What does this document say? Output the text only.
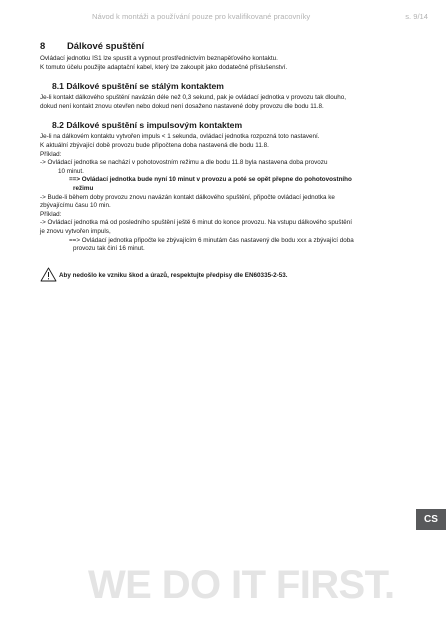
Návod k montáži a používání pouze pro kvalifikované pracovníky	s. 9/14
8 Dálkové spuštění

Ovládací jednotku IS1 lze spustit a vypnout prostřednictvím beznapěťového kontaktu.

K tomuto účelu použijte adaptační kabel, který lze zakoupit jako dodatečné příslušenství.

8.1 Dálkové spuštění se stálým kontaktem

Je-li kontakt dálkového spuštění navázán déle než 0,3 sekund, pak je ovládací jednotka v provozu tak dlouho,

dokud není kontakt znovu otevřen nebo dokud není dosaženo nastavené doby provozu dle bodu 11.8.

8.2 Dálkové spuštění s impulsovým kontaktem

Je-li na dálkovém kontaktu vytvořen impuls < 1 sekunda, ovládací jednotka rozpozná toto nastavení.

K aktuální zbývající době provozu bude připočtena doba nastavená dle bodu 11.8.

Příklad:

-> Ovládací jednotka se nachází v pohotovostním režimu a dle bodu 11.8 byla nastavena doba provozu

10 minut.

==> Ovládací jednotka bude nyní 10 minut v provozu a poté se opět přepne do pohotovostního

režimu

-> Bude-li během doby provozu znovu navázán kontakt dálkového spuštění, připočte ovládací jednotka ke

zbývajícímu času 10 min.

Příklad:

-> Ovládací jednotka má od posledního spuštění ještě 6 minut do konce provozu. Na vstupu dálkového spuštění

je znovu vytvořen impuls,

==> Ovládací jednotka připočte ke zbývajícím 6 minutám čas nastavený dle bodu xxx a zbývající doba

provozu tak činí 16 minut.

Aby nedošlo ke vzniku škod a úrazů, respektujte předpisy dle EN60335-2-53.
CS
WE DO IT FIRST.
